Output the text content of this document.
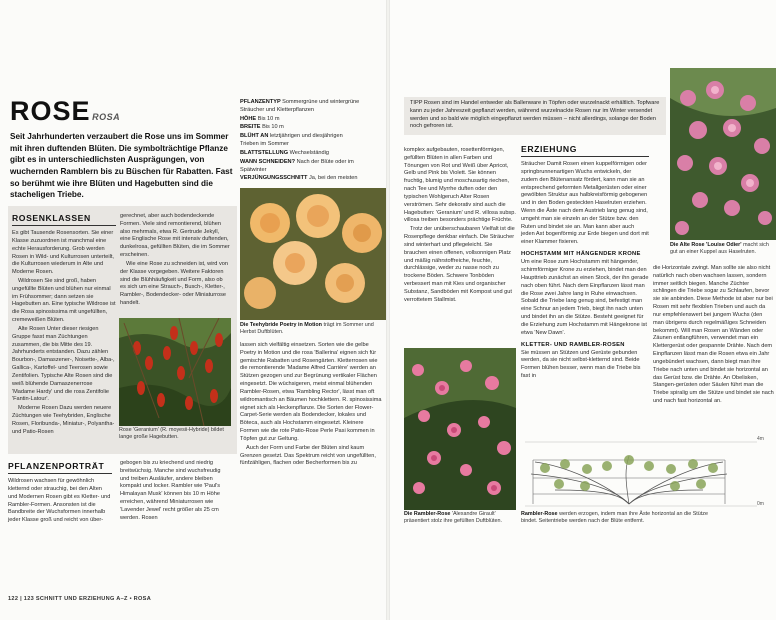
ROSE ROSA
Seit Jahrhunderten verzaubert die Rose uns im Sommer mit ihren duftenden Blüten. Die symbolträchtige Pflanze gibt es in unterschiedlichsten Ausprägungen, von wuchernden Ramblern bis zu Büschen für Rabatten. Fast so berühmt wie ihre Blüten und Hagebutten sind die stacheligen Triebe.

PFLANZENTYP Sommergrüne und wintergrüne Sträucher und Kletterpflanzen

HÖHE Bis 10 m

BREITE Bis 10 m

BLÜHT AN letztjährigen und diesjährigen Trieben im Sommer

BLATTSTELLUNG Wechselständig

WANN SCHNEIDEN? Nach der Blüte oder im Spätwinter

VERJÜNGUNGSSCHNITT Ja, bei den meisten

ROSENKLASSEN

Es gibt Tausende Rosensorten. Sie einer Klasse zuzuordnen ist manchmal eine echte Herausforderung. Grob werden Rosen in Wild- und Kulturrosen unterteilt, die Kulturrosen wiederum in Alte und Moderne Rosen.

Wildrosen Sie sind groß, haben ungefüllte Blüten und blühen nur einmal im Frühsommer; dann setzen sie Hagebutten an. Eine typische Wildrose ist die Rosa spinosissima mit ungefüllten, cremeweißen Blüten.

Alte Rosen Unter dieser riesigen Gruppe fasst man Züchtungen zusammen, die bis Mitte des 19. Jahrhunderts entstanden. Dazu zählen Bourbon-, Damaszener-, Noisette-, Alba-, Gallica-, Kartoffel- und Teerosen sowie Zentifolien. Typische Alte Rosen sind die weiß blühende Damaszenerrose 'Madame Hardy' und die rosa Zentifolie 'Fantin-Latour'.

Moderne Rosen Dazu werden neuere Züchtungen wie Teehybriden, Englische Rosen, Floribunda-, Miniatur-, Polyantha- und Patio-Rosen

gerechnet, aber auch bodendeckende Formen. Viele sind remontierend, blühen also mehrmals, etwa R. Gertrude Jekyll, eine Englische Rose mit intensiv duftenden, dunkelrosa, gefüllten Blüten, die im Sommer erscheinen.

Wie eine Rose zu schneiden ist, wird von der Klasse vorgegeben. Weitere Faktoren sind die Blühhäufigkeit und Form, also ob es sich um eine Strauch-, Busch-, Kletter-, Rambler-, Bodendecker- oder Miniaturrose handelt.

Rose 'Geranium' (R. moyesii-Hybride) bildet lange große Hagebutten.
PFLANZENPORTRÄT

Wildrosen wachsen für gewöhnlich kletternd oder strauchig, bei den Alten und Modernen Rosen gibt es Kletter- und Rambler-Formen. Ansonsten ist die Bandbreite der Wuchsformen innerhalb jeder Klasse groß und reicht von über-

gebogen bis zu kriechend und niedrig breitwüchsig. Manche sind wuchsfreudig und treiben Ausläufer, andere bleiben kompakt und locker. Rambler wie 'Paul's Himalayan Musk' können bis 10 m Höhe erreichen, während Miniaturrosen wie 'Lavender Jewel' recht größer als 25 cm werden. Rosen

Die Teehybride Poetry in Motion trägt im Sommer und Herbst Duftblüten.

lassen sich vielfältig einsetzen. Sorten wie die gelbe Poetry in Motion und die rosa 'Ballerina' eignen sich für gemischte Rabatten und Rosengärten. Kletterrosen wie die remontierende 'Madame Alfred Carrière' werden an Stützen gezogen und zur Begrünung vertikaler Flächen eingesetzt. Die wüchsigeren, meist einmal blühenden Rambler-Rosen, etwa 'Rambling Rector', lässt man oft wildromantisch an Bäumen hochklettern. R. spinosissima eignet sich als Heckenpflanze. Die Sorten der Flower-Carpet-Serie werden als Bodendecker, lokales und Böteca, auch als Hochstamm eingesetzt. Kleinere Formen wie die rote Patio-Rose Perle Pasi kommen in Töpfen gut zur Geltung.

Auch der Form und Farbe der Blüten sind kaum Grenzen gesetzt. Das Spektrum reicht von ungefüllten, fünfzähligen, flachen oder Becherformen bis zu

122 | 123 SCHNITT UND ERZIEHUNG A–Z • ROSA
TIPP Rosen sind im Handel entweder als Ballenware in Töpfen oder wurzelnackt erhältlich. Topfware kann zu jeder Jahreszeit gepflanzt werden, während wurzelnackte Rosen nur im Winter versendet werden und so bald wie möglich eingepflanzt werden müssen – nicht allerdings, solange der Boden noch gefroren ist.

komplex aufgebauten, rosettenförmigen, gefüllten Blüten in allen Farben und Tönungen von Rot und Weiß über Apricot, Gelb und Pink bis Violett. Sie können fruchtig, blumig und moschusartig riechen, nach Tee und Myrrhe duften oder den typischen Wohlgeruch Alter Rosen verströmen. Sehr dekorativ sind auch die Hagebutten: 'Geranium' und R. villosa subsp. villosa treiben besonders prächtige Früchte.

Trotz der unüberschaubaren Vielfalt ist die Rosenpflege denkbar einfach. Die Sträucher sind winterhart und pflegeleicht. Sie brauchen einen offenen, vollsonnigen Platz und mäßig nährstoffreiche, feuchte, durchlässige, weder zu nasse noch zu trockene Böden. Schwere Tonböden verbessert man mit Kies und organischer Substanz, Sandböden mit Kompost und gut verrottetem Stallmist.

ERZIEHUNG

Sträucher Damit Rosen einen kuppelförmigen oder springbrunnenartigen Wuchs entwickeln, der zudem den Blütenansatz fördert, kann man sie an entsprechend geformten Metallgerüsten oder einer gewölbten Struktur aus halbkreisförmig gebogenen und in den Boden gesteckten Haselruten erziehen. Wenn die Äste nach dem Austrieb lang genug sind, umgeht man sie einzeln an der Stütze bzw. den Ruten und bindet sie an. Man kann aber auch jeden Ast bogenförmig zur Erde biegen und dort mit einer Klammer fixieren.

HOCHSTAMM MIT HÄNGENDER KRONE

Um eine Rose zum Hochstamm mit hängender, schirmförmiger Krone zu erziehen, bindet man den Haupttrieb zunächst an einen Stock, der ihn gerade nach oben führt. Nach dem Einpflanzen lässt man die Rose zwei Jahre lang in Ruhe einwachsen. Sobald die Triebe lang genug sind, befestigt man eine Schnur an jedem Trieb, biegt ihn nach unten und bindet ihn an die Stütze. Besteht geeignet für die Erziehung zum Hochstamm mit Hängekrone ist etwa 'New Dawn'.

KLETTER- UND RAMBLER-ROSEN

Sie müssen an Stützen und Gerüste gebunden werden, da sie nicht selbst-kletternd sind. Beide Formen blühen besser, wenn man die Triebe bis fast in

Die Rambler-Rose 'Alexandre Girault' präsentiert stolz ihre gefüllten Duftblüten.
Die Alte Rose 'Louise Odier' macht sich gut an einer Kuppel aus Haselruten.

die Horizontale zwingt. Man sollte sie also nicht natürlich nach oben wachsen lassen, sondern immer seitlich biegen. Manche Züchter schlingen die Triebe sogar zu Schlaufen, bevor sie sie anbinden. Diese Methode ist aber nur bei Rosen mit sehr flexiblen Trieben und auch da nur empfehlenswert bei jungem Wuchs (den man übrigens durch regelmäßiges Schneiden bekommt). Will man Rosen an Wänden oder Zäunen entlangführen, verwendet man ein Klettergerüst oder gespannte Drähte. Nach dem Einpflanzen lässt man die Rosen etwa ein Jahr ungebündert wachsen, dann biegt man ihre Triebe nach unten und bindet sie horizontal an das Gerüst bzw. die Drähte. An Obelisken, Stangen-gerüsten oder Säulen führt man die Triebe spiralig um die Stütze und bindet sie nach und nach fast horizontal an.

4m
0m
Rambler-Rose werden erzogen, indem man ihre Äste horizontal an die Stütze bindet. Seitentriebe werden nach der Blüte entfernt.
